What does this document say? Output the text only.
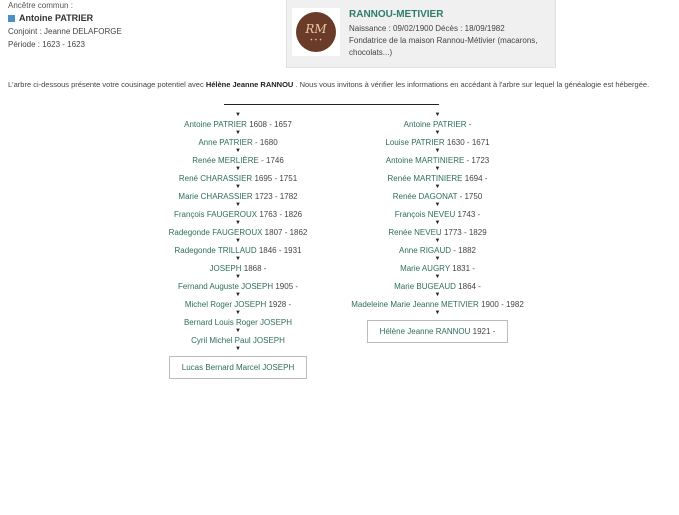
Ancêtre commun :
Antoine PATRIER
Conjoint : Jeanne DELAFORGE
Période : 1623 - 1623
RM
✦ ✦ ✦
RANNOU-METIVIER
Naissance : 09/02/1900 Décès : 18/09/1982
Fondatrice de la maison Rannou-Métivier (macarons, chocolats...)
L'arbre ci-dessous présente votre cousinage potentiel avec Hélène Jeanne RANNOU . Nous vous invitons à vérifier les informations en accédant à l'arbre sur lequel la généalogie est hébergée.
▼
Antoine PATRIER 1608 - 1657
▼
Anne PATRIER - 1680
▼
Renée MERLIÈRE - 1746
▼
René CHARASSIER 1695 - 1751
▼
Marie CHARASSIER 1723 - 1782
▼
François FAUGEROUX 1763 - 1826
▼
Radegonde FAUGEROUX 1807 - 1862
▼
Radegonde TRILLAUD 1846 - 1931
▼
JOSEPH 1868 -
▼
Fernand Auguste JOSEPH 1905 -
▼
Michel Roger JOSEPH 1928 -
▼
Bernard Louis Roger JOSEPH
▼
Cyril Michel Paul JOSEPH
▼
Lucas Bernard Marcel JOSEPH
▼
Antoine PATRIER -
▼
Louise PATRIER 1630 - 1671
▼
Antoine MARTINIERE - 1723
▼
Renée MARTINIERE 1694 -
▼
Renée DAGONAT - 1750
▼
François NEVEU 1743 -
▼
Renée NEVEU 1773 - 1829
▼
Anne RIGAUD - 1882
▼
Marie AUGRY 1831 -
▼
Marie BUGEAUD 1864 -
▼
Madeleine Marie Jeanne METIVIER 1900 - 1982
▼
Hélène Jeanne RANNOU 1921 -
